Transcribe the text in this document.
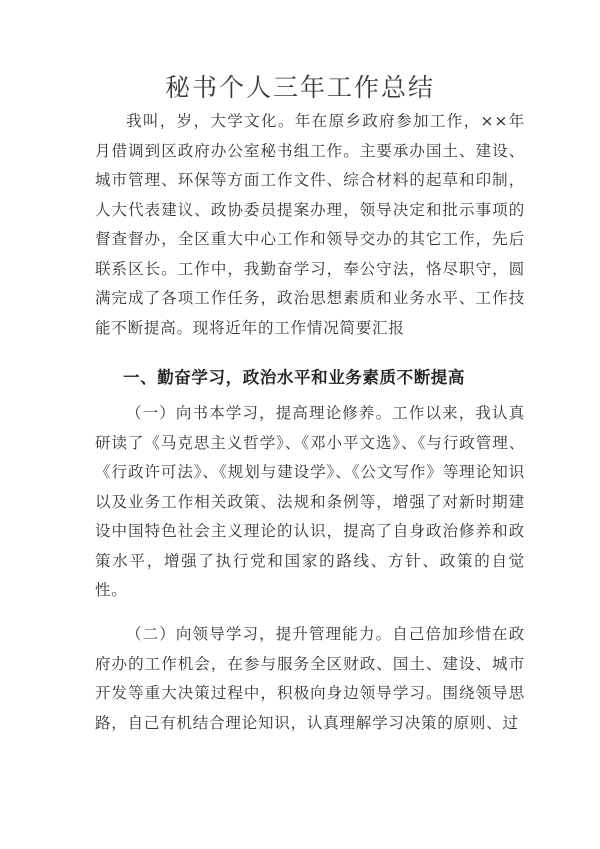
秘书个人三年工作总结

我叫，岁，大学文化。年在原乡政府参加工作，××年月借调到区政府办公室秘书组工作。主要承办国土、建设、城市管理、环保等方面工作文件、综合材料的起草和印制，人大代表建议、政协委员提案办理，领导决定和批示事项的督查督办，全区重大中心工作和领导交办的其它工作，先后联系区长。工作中，我勤奋学习，奉公守法，恪尽职守，圆满完成了各项工作任务，政治思想素质和业务水平、工作技能不断提高。现将近年的工作情况简要汇报

一、勤奋学习，政治水平和业务素质不断提高

（一）向书本学习，提高理论修养。工作以来，我认真研读了《马克思主义哲学》、《邓小平文选》、《与行政管理、《行政许可法》、《规划与建设学》、《公文写作》等理论知识以及业务工作相关政策、法规和条例等，增强了对新时期建设中国特色社会主义理论的认识，提高了自身政治修养和政策水平，增强了执行党和国家的路线、方针、政策的自觉性。

（二）向领导学习，提升管理能力。自己倍加珍惜在政府办的工作机会，在参与服务全区财政、国土、建设、城市开发等重大决策过程中，积极向身边领导学习。围绕领导思路，自己有机结合理论知识，认真理解学习决策的原则、过
